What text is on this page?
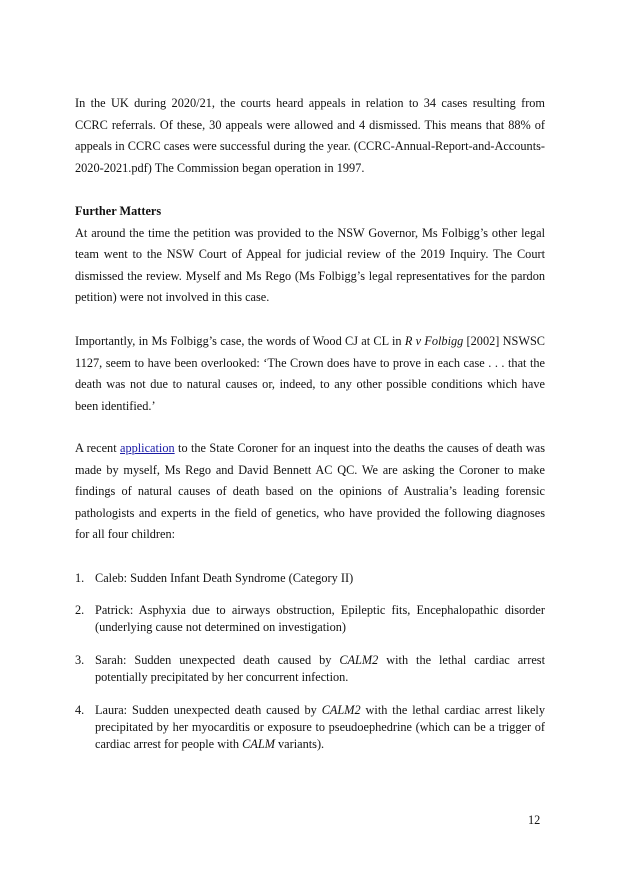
In the UK during 2020/21, the courts heard appeals in relation to 34 cases resulting from CCRC referrals. Of these, 30 appeals were allowed and 4 dismissed. This means that 88% of appeals in CCRC cases were successful during the year. (CCRC-Annual-Report-and-Accounts-2020-2021.pdf) The Commission began operation in 1997.

Further Matters

At around the time the petition was provided to the NSW Governor, Ms Folbigg’s other legal team went to the NSW Court of Appeal for judicial review of the 2019 Inquiry. The Court dismissed the review. Myself and Ms Rego (Ms Folbigg’s legal representatives for the pardon petition) were not involved in this case.

Importantly, in Ms Folbigg’s case, the words of Wood CJ at CL in R v Folbigg [2002] NSWSC 1127, seem to have been overlooked: ‘The Crown does have to prove in each case . . . that the death was not due to natural causes or, indeed, to any other possible conditions which have been identified.’

A recent application to the State Coroner for an inquest into the deaths the causes of death was made by myself, Ms Rego and David Bennett AC QC. We are asking the Coroner to make findings of natural causes of death based on the opinions of Australia’s leading forensic pathologists and experts in the field of genetics, who have provided the following diagnoses for all four children:

1. Caleb: Sudden Infant Death Syndrome (Category II)
2. Patrick: Asphyxia due to airways obstruction, Epileptic fits, Encephalopathic disorder (underlying cause not determined on investigation)
3. Sarah: Sudden unexpected death caused by CALM2 with the lethal cardiac arrest potentially precipitated by her concurrent infection.
4. Laura: Sudden unexpected death caused by CALM2 with the lethal cardiac arrest likely precipitated by her myocarditis or exposure to pseudoephedrine (which can be a trigger of cardiac arrest for people with CALM variants).
12
